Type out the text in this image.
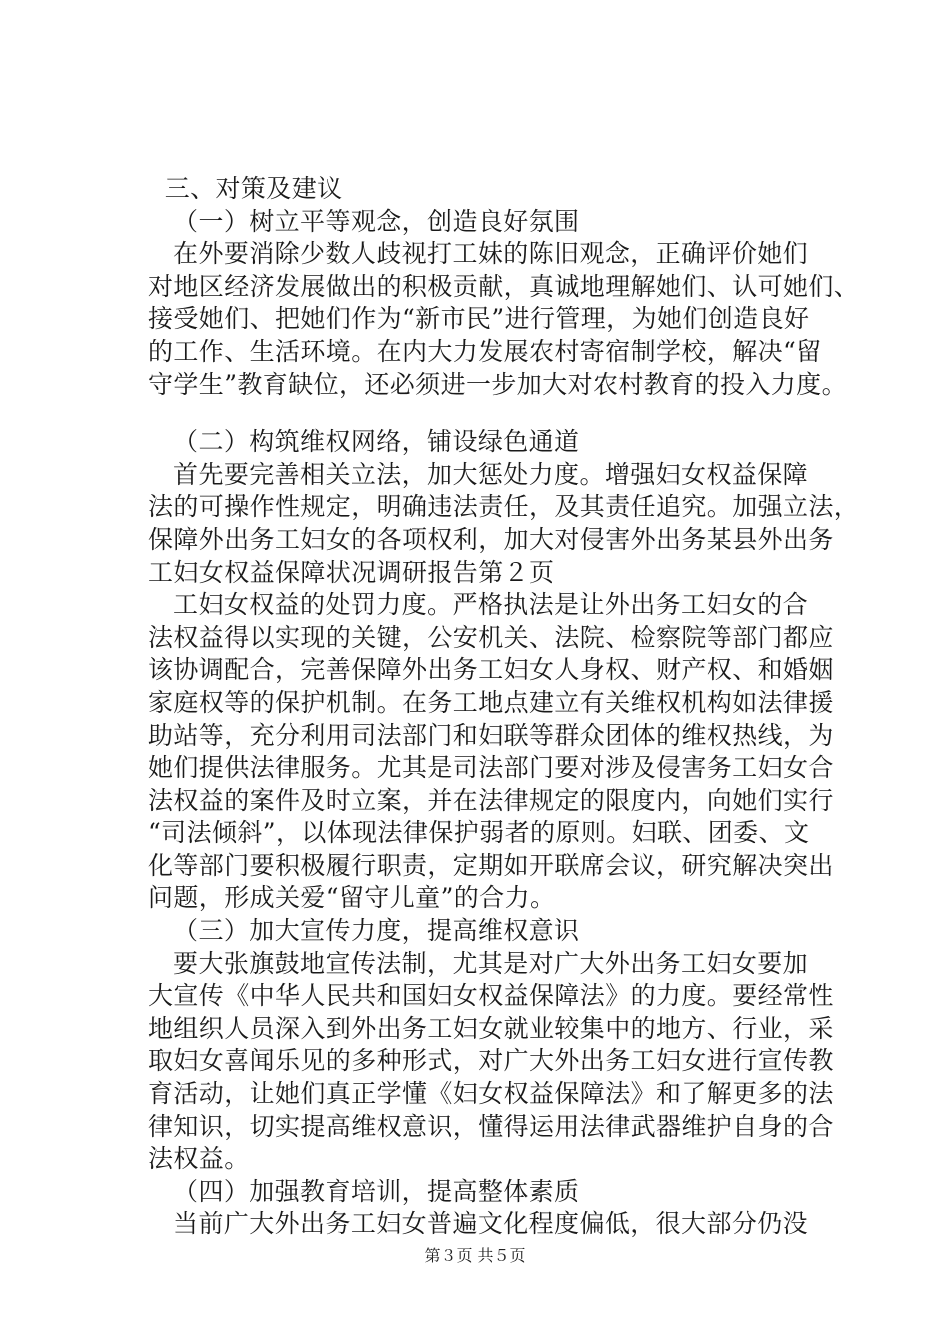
三、对策及建议
（一）树立平等观念，创造良好氛围
在外要消除少数人歧视打工妹的陈旧观念，正确评价她们
对地区经济发展做出的积极贡献，真诚地理解她们、认可她们、
接受她们、把她们作为“新市民”进行管理，为她们创造良好
的工作、生活环境。在内大力发展农村寄宿制学校，解决“留
守学生”教育缺位，还必须进一步加大对农村教育的投入力度。
（二）构筑维权网络，铺设绿色通道
首先要完善相关立法，加大惩处力度。增强妇女权益保障
法的可操作性规定，明确违法责任，及其责任追究。加强立法，
保障外出务工妇女的各项权利，加大对侵害外出务某县外出务
工妇女权益保障状况调研报告第２页
工妇女权益的处罚力度。严格执法是让外出务工妇女的合
法权益得以实现的关键，公安机关、法院、检察院等部门都应
该协调配合，完善保障外出务工妇女人身权、财产权、和婚姻
家庭权等的保护机制。在务工地点建立有关维权机构如法律援
助站等，充分利用司法部门和妇联等群众团体的维权热线，为
她们提供法律服务。尤其是司法部门要对涉及侵害务工妇女合
法权益的案件及时立案，并在法律规定的限度内，向她们实行
“司法倾斜”，以体现法律保护弱者的原则。妇联、团委、文
化等部门要积极履行职责，定期如开联席会议，研究解决突出
问题，形成关爱“留守儿童”的合力。
（三）加大宣传力度，提高维权意识
要大张旗鼓地宣传法制，尤其是对广大外出务工妇女要加
大宣传《中华人民共和国妇女权益保障法》的力度。要经常性
地组织人员深入到外出务工妇女就业较集中的地方、行业，采
取妇女喜闻乐见的多种形式，对广大外出务工妇女进行宣传教
育活动，让她们真正学懂《妇女权益保障法》和了解更多的法
律知识，切实提高维权意识，懂得运用法律武器维护自身的合
法权益。
（四）加强教育培训，提高整体素质
当前广大外出务工妇女普遍文化程度偏低，很大部分仍没
第３页 共５页
